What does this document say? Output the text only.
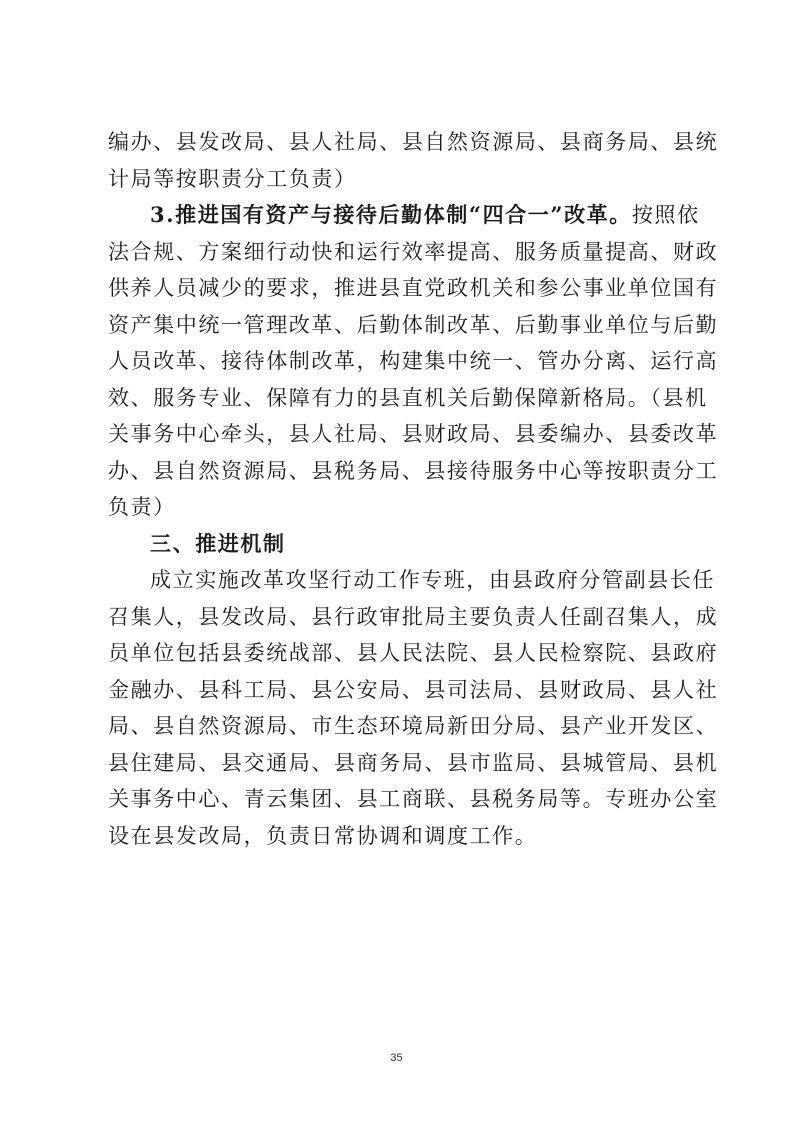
编办、县发改局、县人社局、县自然资源局、县商务局、县统
计局等按职责分工负责）
3.推进国有资产与接待后勤体制“四合一”改革。按照依
法合规、方案细行动快和运行效率提高、服务质量提高、财政
供养人员减少的要求，推进县直党政机关和参公事业单位国有
资产集中统一管理改革、后勤体制改革、后勤事业单位与后勤
人员改革、接待体制改革，构建集中统一、管办分离、运行高
效、服务专业、保障有力的县直机关后勤保障新格局。（县机
关事务中心牵头，县人社局、县财政局、县委编办、县委改革
办、县自然资源局、县税务局、县接待服务中心等按职责分工
负责）
三、推进机制
成立实施改革攻坚行动工作专班，由县政府分管副县长任
召集人，县发改局、县行政审批局主要负责人任副召集人，成
员单位包括县委统战部、县人民法院、县人民检察院、县政府
金融办、县科工局、县公安局、县司法局、县财政局、县人社
局、县自然资源局、市生态环境局新田分局、县产业开发区、
县住建局、县交通局、县商务局、县市监局、县城管局、县机
关事务中心、青云集团、县工商联、县税务局等。专班办公室
设在县发改局，负责日常协调和调度工作。
35
